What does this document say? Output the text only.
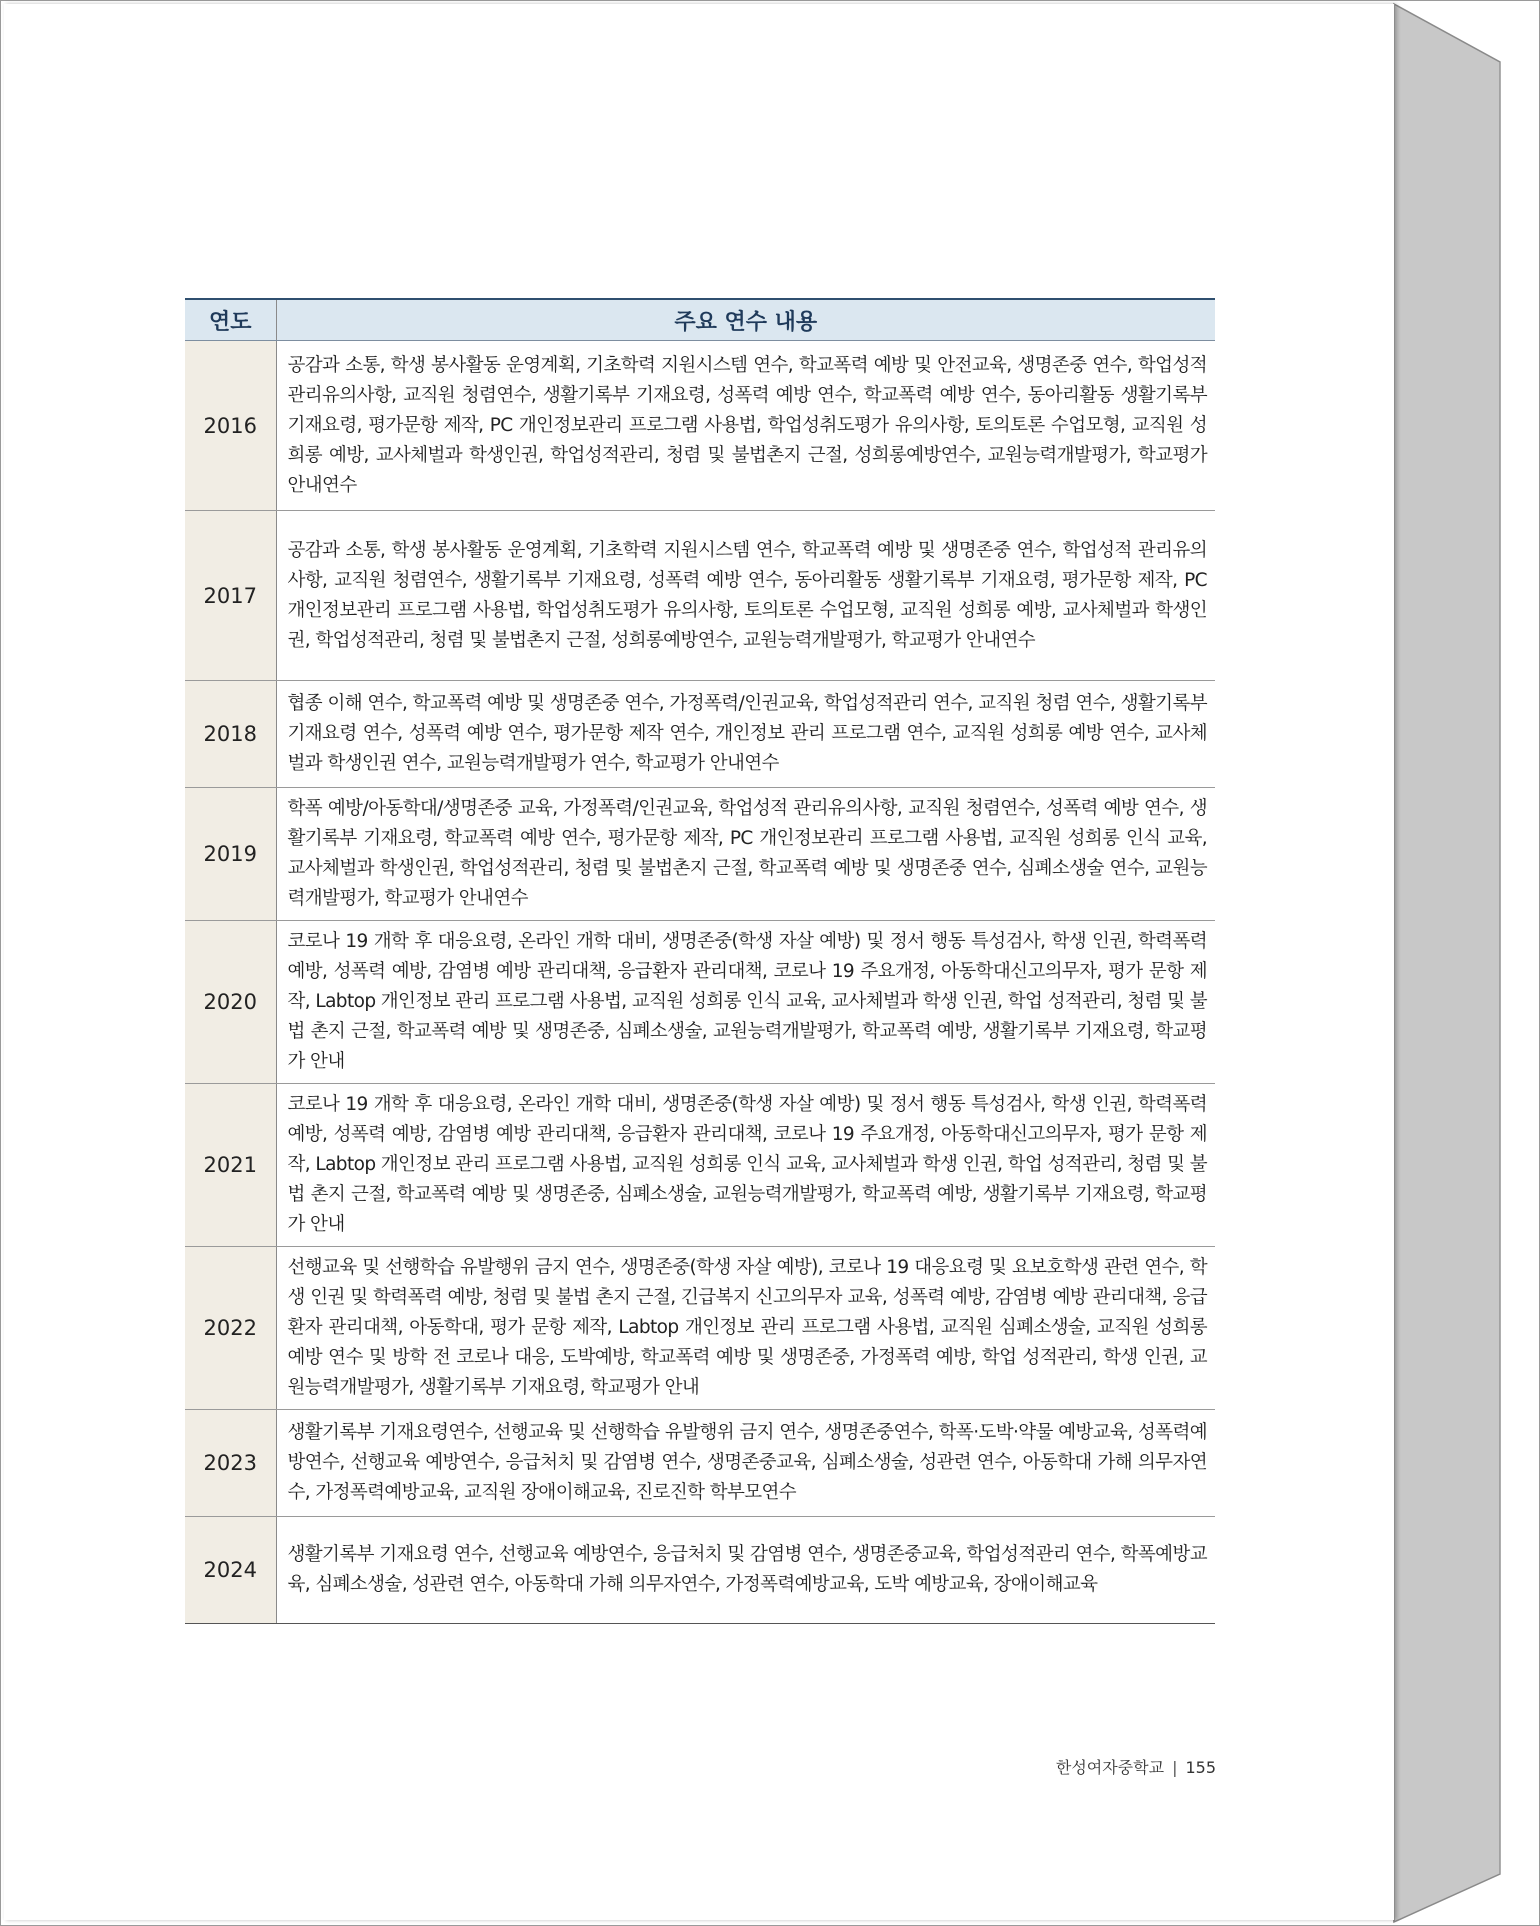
연도	주요 연수 내용
2016	공감과 소통, 학생 봉사활동 운영계획, 기초학력 지원시스템 연수, 학교폭력 예방 및 안전교육, 생명존중 연수, 학업성적 관리유의사항, 교직원 청렴연수, 생활기록부 기재요령, 성폭력 예방 연수, 학교폭력 예방 연수, 동아리활동 생활기록부 기재요령, 평가문항 제작, PC 개인정보관리 프로그램 사용법, 학업성취도평가 유의사항, 토의토론 수업모형, 교직원 성희롱 예방, 교사체벌과 학생인권, 학업성적관리, 청렴 및 불법촌지 근절, 성희롱예방연수, 교원능력개발평가, 학교평가 안내연수
2017	공감과 소통, 학생 봉사활동 운영계획, 기초학력 지원시스템 연수, 학교폭력 예방 및 생명존중 연수, 학업성적 관리유의사항, 교직원 청렴연수, 생활기록부 기재요령, 성폭력 예방 연수, 동아리활동 생활기록부 기재요령, 평가문항 제작, PC 개인정보관리 프로그램 사용법, 학업성취도평가 유의사항, 토의토론 수업모형, 교직원 성희롱 예방, 교사체벌과 학생인권, 학업성적관리, 청렴 및 불법촌지 근절, 성희롱예방연수, 교원능력개발평가, 학교평가 안내연수
2018	협종 이해 연수, 학교폭력 예방 및 생명존중 연수, 가정폭력/인권교육, 학업성적관리 연수, 교직원 청렴 연수, 생활기록부 기재요령 연수, 성폭력 예방 연수, 평가문항 제작 연수, 개인정보 관리 프로그램 연수, 교직원 성희롱 예방 연수, 교사체벌과 학생인권 연수, 교원능력개발평가 연수, 학교평가 안내연수
2019	학폭 예방/아동학대/생명존중 교육, 가정폭력/인권교육, 학업성적 관리유의사항, 교직원 청렴연수, 성폭력 예방 연수, 생활기록부 기재요령, 학교폭력 예방 연수, 평가문항 제작, PC 개인정보관리 프로그램 사용법, 교직원 성희롱 인식 교육, 교사체벌과 학생인권, 학업성적관리, 청렴 및 불법촌지 근절, 학교폭력 예방 및 생명존중 연수, 심폐소생술 연수, 교원능력개발평가, 학교평가 안내연수
2020	코로나 19 개학 후 대응요령, 온라인 개학 대비, 생명존중(학생 자살 예방) 및 정서 행동 특성검사, 학생 인권, 학력폭력 예방, 성폭력 예방, 감염병 예방 관리대책, 응급환자 관리대책, 코로나 19 주요개정, 아동학대신고의무자, 평가 문항 제작, Labtop 개인정보 관리 프로그램 사용법, 교직원 성희롱 인식 교육, 교사체벌과 학생 인권, 학업 성적관리, 청렴 및 불법 촌지 근절, 학교폭력 예방 및 생명존중, 심폐소생술, 교원능력개발평가, 학교폭력 예방, 생활기록부 기재요령, 학교평가 안내
2021	코로나 19 개학 후 대응요령, 온라인 개학 대비, 생명존중(학생 자살 예방) 및 정서 행동 특성검사, 학생 인권, 학력폭력 예방, 성폭력 예방, 감염병 예방 관리대책, 응급환자 관리대책, 코로나 19 주요개정, 아동학대신고의무자, 평가 문항 제작, Labtop 개인정보 관리 프로그램 사용법, 교직원 성희롱 인식 교육, 교사체벌과 학생 인권, 학업 성적관리, 청렴 및 불법 촌지 근절, 학교폭력 예방 및 생명존중, 심폐소생술, 교원능력개발평가, 학교폭력 예방, 생활기록부 기재요령, 학교평가 안내
2022	선행교육 및 선행학습 유발행위 금지 연수, 생명존중(학생 자살 예방), 코로나 19 대응요령 및 요보호학생 관련 연수, 학생 인권 및 학력폭력 예방, 청렴 및 불법 촌지 근절, 긴급복지 신고의무자 교육, 성폭력 예방, 감염병 예방 관리대책, 응급환자 관리대책, 아동학대, 평가 문항 제작, Labtop 개인정보 관리 프로그램 사용법, 교직원 심폐소생술, 교직원 성희롱 예방 연수 및 방학 전 코로나 대응, 도박예방, 학교폭력 예방 및 생명존중, 가정폭력 예방, 학업 성적관리, 학생 인권, 교원능력개발평가, 생활기록부 기재요령, 학교평가 안내
2023	생활기록부 기재요령연수, 선행교육 및 선행학습 유발행위 금지 연수, 생명존중연수, 학폭·도박·약물 예방교육, 성폭력예방연수, 선행교육 예방연수, 응급처치 및 감염병 연수, 생명존중교육, 심폐소생술, 성관련 연수, 아동학대 가해 의무자연수, 가정폭력예방교육, 교직원 장애이해교육, 진로진학 학부모연수
2024	생활기록부 기재요령 연수, 선행교육 예방연수, 응급처치 및 감염병 연수, 생명존중교육, 학업성적관리 연수, 학폭예방교육, 심폐소생술, 성관련 연수, 아동학대 가해 의무자연수, 가정폭력예방교육, 도박 예방교육, 장애이해교육
한성여자중학교 | 155
